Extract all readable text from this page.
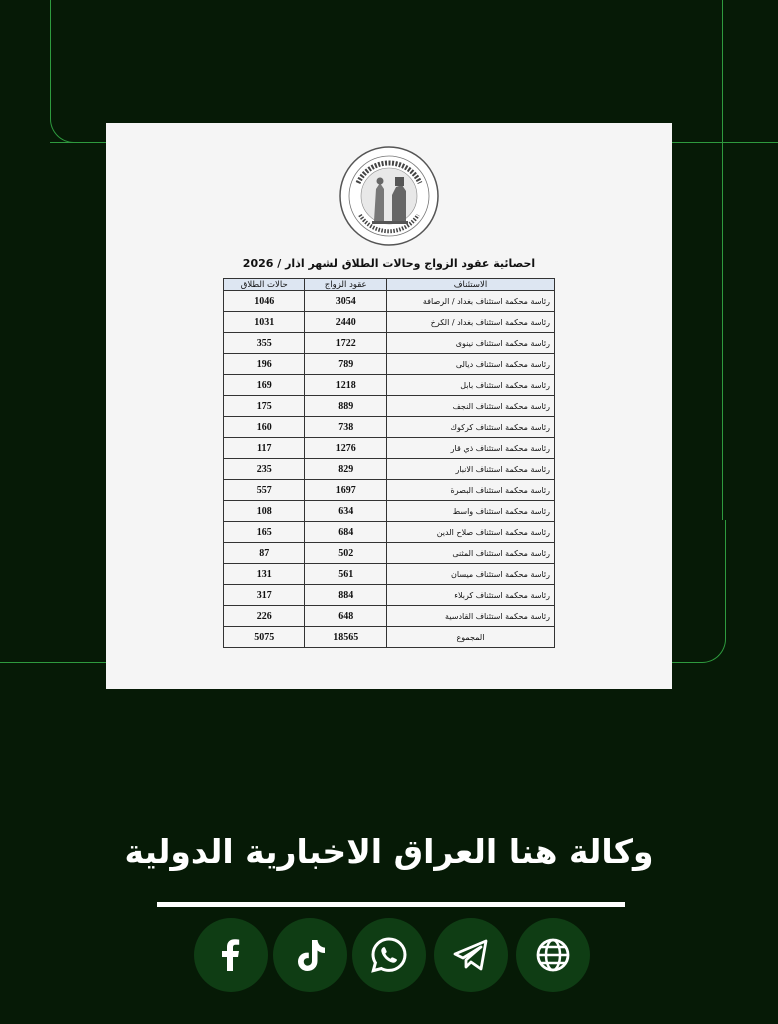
احصائية عقود الزواج وحالات الطلاق لشهر اذار / 2026
الاستئناف	عقود الزواج	حالات الطلاق
رئاسة محكمة استئناف بغداد / الرصافة	3054	1046
رئاسة محكمة استئناف بغداد / الكرخ	2440	1031
رئاسة محكمة استئناف نينوى	1722	355
رئاسة محكمة استئناف ديالى	789	196
رئاسة محكمة استئناف بابل	1218	169
رئاسة محكمة استئناف النجف	889	175
رئاسة محكمة استئناف كركوك	738	160
رئاسة محكمة استئناف ذي قار	1276	117
رئاسة محكمة استئناف الانبار	829	235
رئاسة محكمة استئناف البصرة	1697	557
رئاسة محكمة استئناف واسط	634	108
رئاسة محكمة استئناف صلاح الدين	684	165
رئاسة محكمة استئناف المثنى	502	87
رئاسة محكمة استئناف ميسان	561	131
رئاسة محكمة استئناف كربلاء	884	317
رئاسة محكمة استئناف القادسية	648	226
المجموع	18565	5075
وكالة هنا العراق الاخبارية الدولية
